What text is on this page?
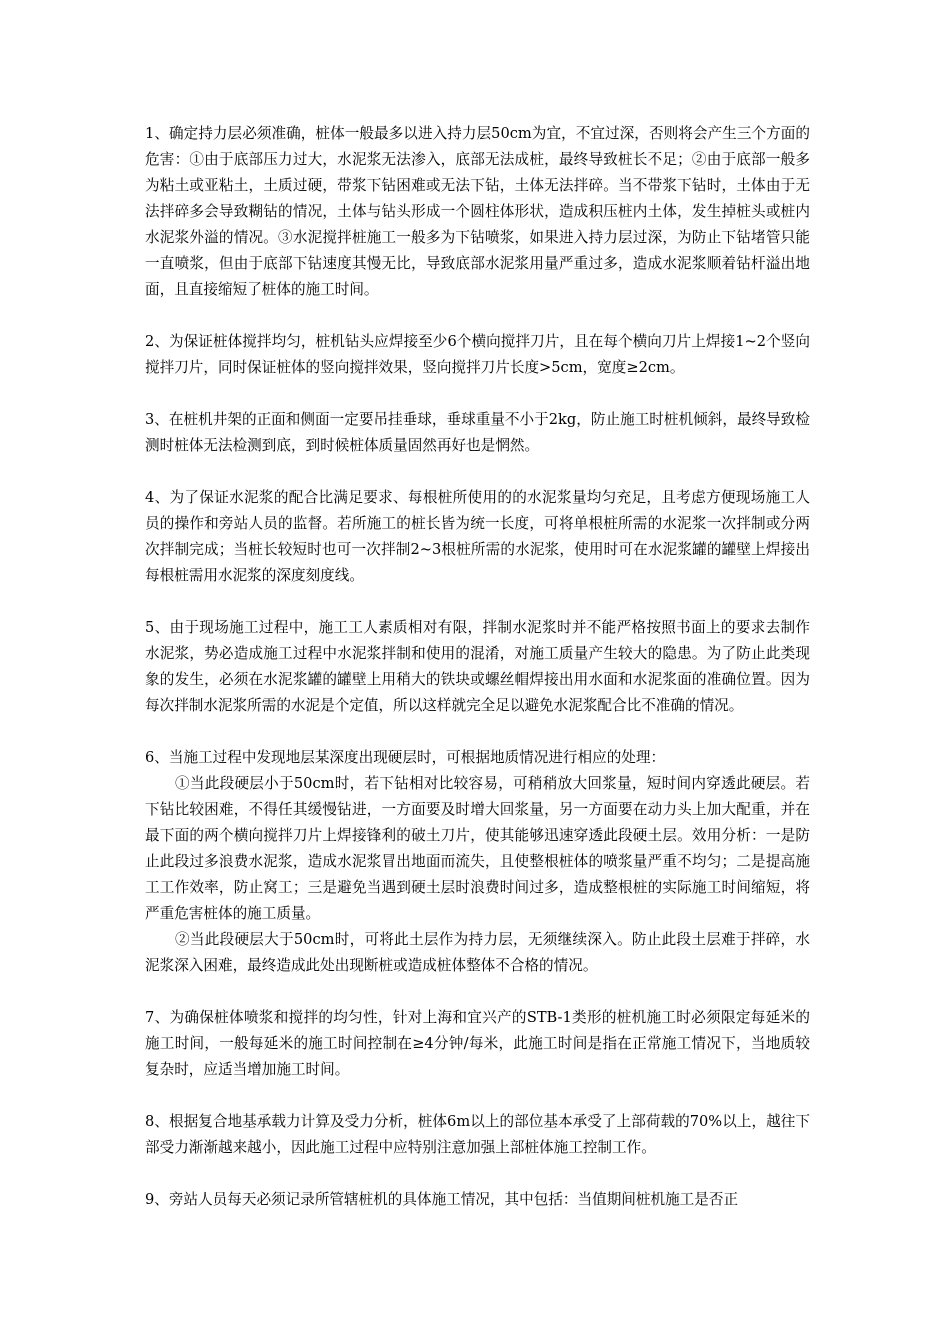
1、确定持力层必须准确，桩体一般最多以进入持力层50cm为宜，不宜过深，否则将会产生三个方面的危害：①由于底部压力过大，水泥浆无法渗入，底部无法成桩，最终导致桩长不足；②由于底部一般多为粘土或亚粘土，土质过硬，带浆下钻困难或无法下钻，土体无法拌碎。当不带浆下钻时，土体由于无法拌碎多会导致糊钻的情况，土体与钻头形成一个圆柱体形状，造成积压桩内土体，发生掉桩头或桩内水泥浆外溢的情况。③水泥搅拌桩施工一般多为下钻喷浆，如果进入持力层过深，为防止下钻堵管只能一直喷浆，但由于底部下钻速度其慢无比，导致底部水泥浆用量严重过多，造成水泥浆顺着钻杆溢出地面，且直接缩短了桩体的施工时间。

2、为保证桩体搅拌均匀，桩机钻头应焊接至少6个横向搅拌刀片，且在每个横向刀片上焊接1~2个竖向搅拌刀片，同时保证桩体的竖向搅拌效果，竖向搅拌刀片长度>5cm，宽度≥2cm。

3、在桩机井架的正面和侧面一定要吊挂垂球，垂球重量不小于2kg，防止施工时桩机倾斜，最终导致检测时桩体无法检测到底，到时候桩体质量固然再好也是惘然。

4、为了保证水泥浆的配合比满足要求、每根桩所使用的的水泥浆量均匀充足，且考虑方便现场施工人员的操作和旁站人员的监督。若所施工的桩长皆为统一长度，可将单根桩所需的水泥浆一次拌制或分两次拌制完成；当桩长较短时也可一次拌制2~3根桩所需的水泥浆，使用时可在水泥浆罐的罐壁上焊接出每根桩需用水泥浆的深度刻度线。

5、由于现场施工过程中，施工工人素质相对有限，拌制水泥浆时并不能严格按照书面上的要求去制作水泥浆，势必造成施工过程中水泥浆拌制和使用的混淆，对施工质量产生较大的隐患。为了防止此类现象的发生，必须在水泥浆罐的罐壁上用稍大的铁块或螺丝帽焊接出用水面和水泥浆面的准确位置。因为每次拌制水泥浆所需的水泥是个定值，所以这样就完全足以避免水泥浆配合比不准确的情况。

6、当施工过程中发现地层某深度出现硬层时，可根据地质情况进行相应的处理：

①当此段硬层小于50cm时，若下钻相对比较容易，可稍稍放大回浆量，短时间内穿透此硬层。若下钻比较困难，不得任其缓慢钻进，一方面要及时增大回浆量，另一方面要在动力头上加大配重，并在最下面的两个横向搅拌刀片上焊接锋利的破土刀片，使其能够迅速穿透此段硬土层。效用分析：一是防止此段过多浪费水泥浆，造成水泥浆冒出地面而流失，且使整根桩体的喷浆量严重不均匀；二是提高施工工作效率，防止窝工；三是避免当遇到硬土层时浪费时间过多，造成整根桩的实际施工时间缩短，将严重危害桩体的施工质量。

②当此段硬层大于50cm时，可将此土层作为持力层，无须继续深入。防止此段土层难于拌碎，水泥浆深入困难，最终造成此处出现断桩或造成桩体整体不合格的情况。

7、为确保桩体喷浆和搅拌的均匀性，针对上海和宜兴产的STB-1类形的桩机施工时必须限定每延米的施工时间，一般每延米的施工时间控制在≥4分钟/每米，此施工时间是指在正常施工情况下，当地质较复杂时，应适当增加施工时间。

8、根据复合地基承载力计算及受力分析，桩体6m以上的部位基本承受了上部荷载的70%以上，越往下部受力渐渐越来越小，因此施工过程中应特别注意加强上部桩体施工控制工作。

9、旁站人员每天必须记录所管辖桩机的具体施工情况，其中包括：当值期间桩机施工是否正
